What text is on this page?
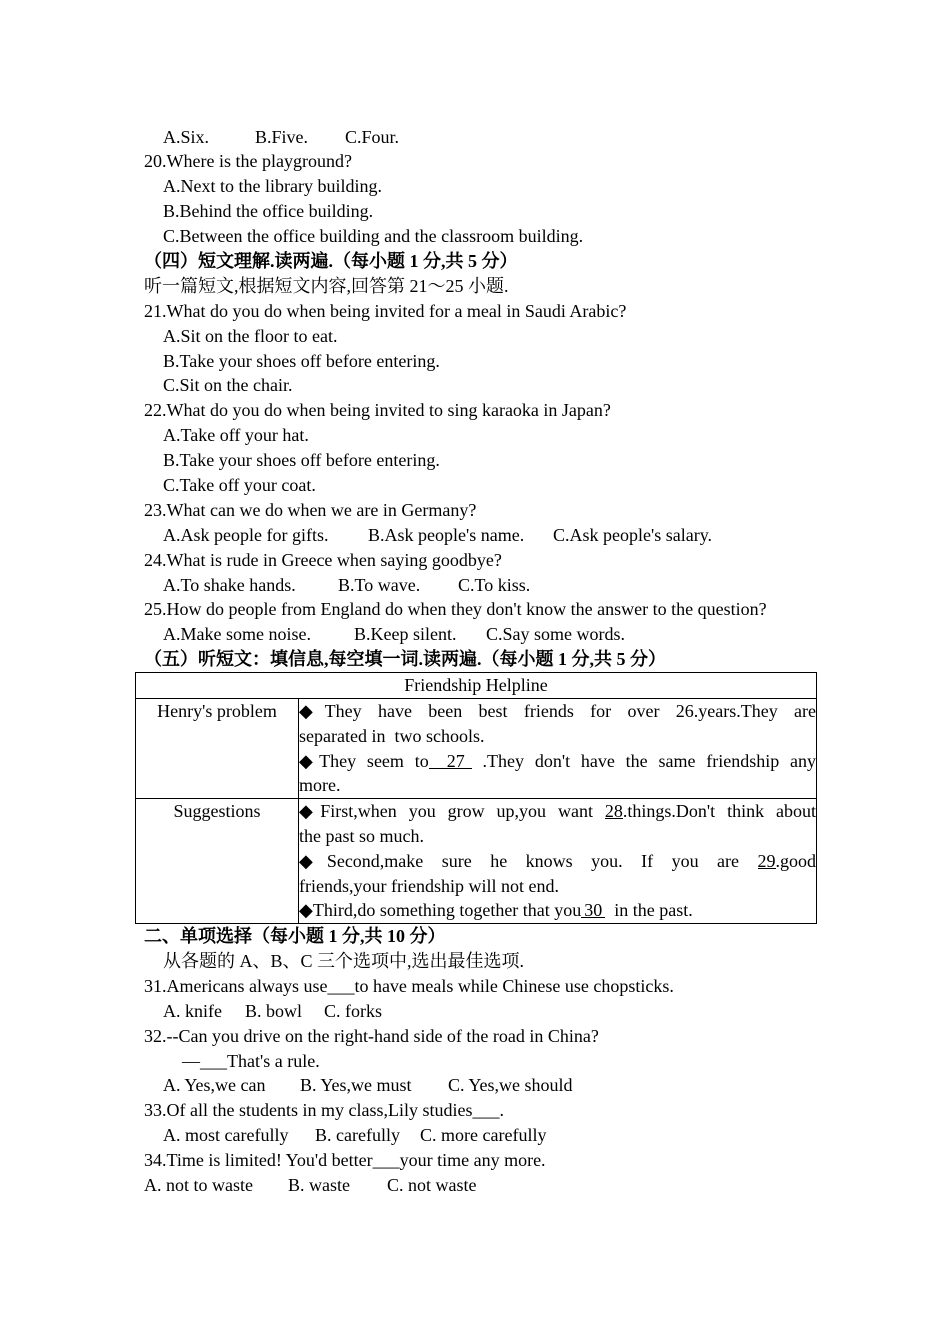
A.Six.	B.Five. C.Four.
20.Where is the playground?
A.Next to the library building.
B.Behind the office building.
C.Between the office building and the classroom building.
（四）短文理解.读两遍.（每小题 1 分,共 5 分）
听一篇短文,根据短文内容,回答第 21～25 小题.
21.What do you do when being invited for a meal in Saudi Arabic?
A.Sit on the floor to eat.
B.Take your shoes off before entering.
C.Sit on the chair.
22.What do you do when being invited to sing karaoka in Japan?
A.Take off your hat.
B.Take your shoes off before entering.
C.Take off your coat.
23.What can we do when we are in Germany?
A.Ask people for gifts. B.Ask people's name. C.Ask people's salary.
24.What is rude in Greece when saying goodbye?
A.To shake hands. B.To wave. C.To kiss.
25.How do people from England do when they don't know the answer to the question?
A.Make some noise. B.Keep silent. C.Say some words.
（五）听短文：填信息,每空填一词.读两遍.（每小题 1 分,共 5 分）
Friendship Helpline	
Henry's problem	◆They have been best friends for over 26.years.They are
separated in  two schools.
◆They seem to 27 .They don't have the same friendship any
more.

Suggestions	◆First,when you grow up,you want 28.things.Don't think about
the past so much.
◆Second,make sure he knows you. If you are 29.good
friends,your friendship will not end.
◆Third,do something together that you 30  in the past.
二、单项选择（每小题 1 分,共 10 分）
从各题的 A、B、C 三个选项中,选出最佳选项.
31.Americans always use___to have meals while Chinese use chopsticks.
A. knife B. bowl C. forks
32.--Can you drive on the right-hand side of the road in China?
—___That's a rule.
A. Yes,we can B. Yes,we must C. Yes,we should
33.Of all the students in my class,Lily studies___.
A. most carefully B. carefully C. more carefully
34.Time is limited! You'd better___your time any more.
A. not to waste B. waste C. not waste
